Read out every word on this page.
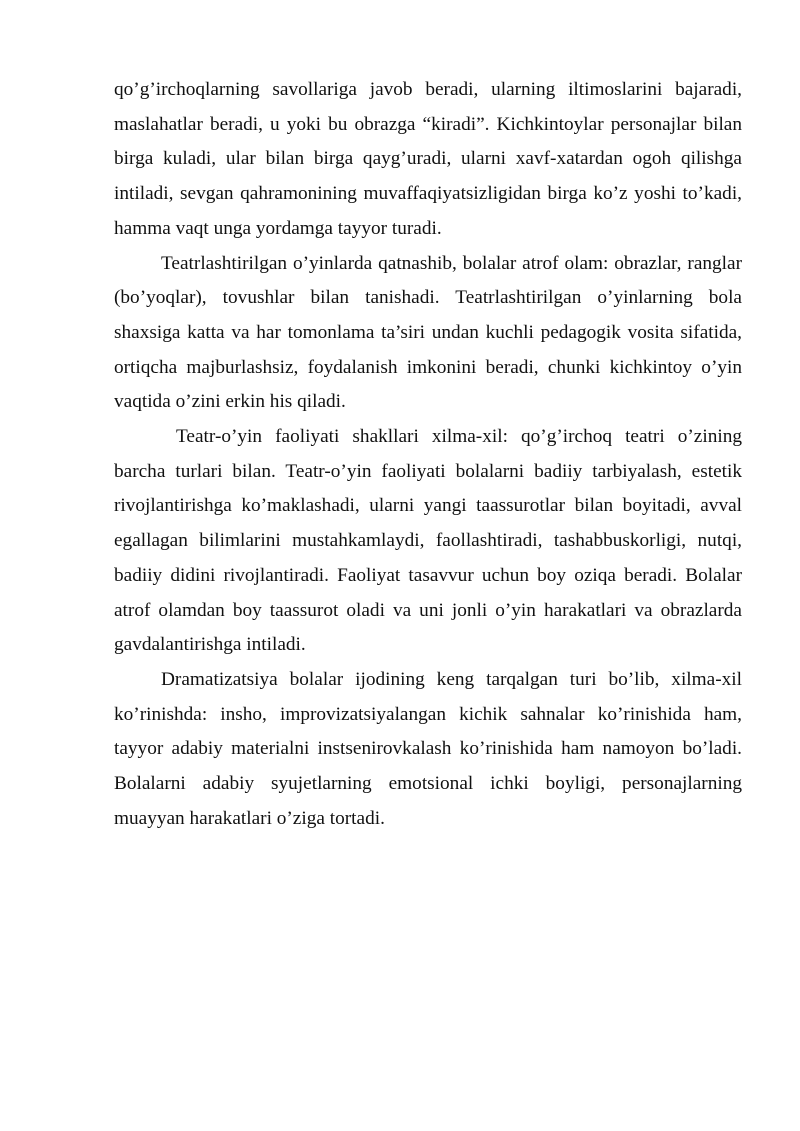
qo’g’irchoqlarning savollariga javob beradi, ularning iltimoslarini bajaradi, maslahatlar beradi, u yoki bu obrazga “kiradi”. Kichkintoylar personajlar bilan birga kuladi, ular bilan birga qayg’uradi, ularni xavf-xatardan ogoh qilishga intiladi, sevgan qahramonining muvaffaqiyatsizligidan birga ko’z yoshi to’kadi, hamma vaqt unga yordamga tayyor turadi.

Teatrlashtirilgan o’yinlarda qatnashib, bolalar atrof olam: obrazlar, ranglar (bo’yoqlar), tovushlar bilan tanishadi. Teatrlashtirilgan o’yinlarning bola shaxsiga katta va har tomonlama ta’siri undan kuchli pedagogik vosita sifatida, ortiqcha majburlashsiz, foydalanish imkonini beradi, chunki kichkintoy o’yin vaqtida o’zini erkin his qiladi.

Teatr-o’yin faoliyati shakllari xilma-xil: qo’g’irchoq teatri o’zining barcha turlari bilan. Teatr-o’yin faoliyati bolalarni badiiy tarbiyalash, estetik rivojlantirishga ko’maklashadi, ularni yangi taassurotlar bilan boyitadi, avval egallagan bilimlarini mustahkamlaydi, faollashtiradi, tashabbuskorligi, nutqi, badiiy didini rivojlantiradi. Faoliyat tasavvur uchun boy oziqa beradi. Bolalar atrof olamdan boy taassurot oladi va uni jonli o’yin harakatlari va obrazlarda gavdalantirishga intiladi.

Dramatizatsiya bolalar ijodining keng tarqalgan turi bo’lib, xilma-xil ko’rinishda: insho, improvizatsiyalangan kichik sahnalar ko’rinishida ham, tayyor adabiy materialni instsenirovkalash ko’rinishida ham namoyon bo’ladi. Bolalarni adabiy syujetlarning emotsional ichki boyligi, personajlarning muayyan harakatlari o’ziga tortadi.
